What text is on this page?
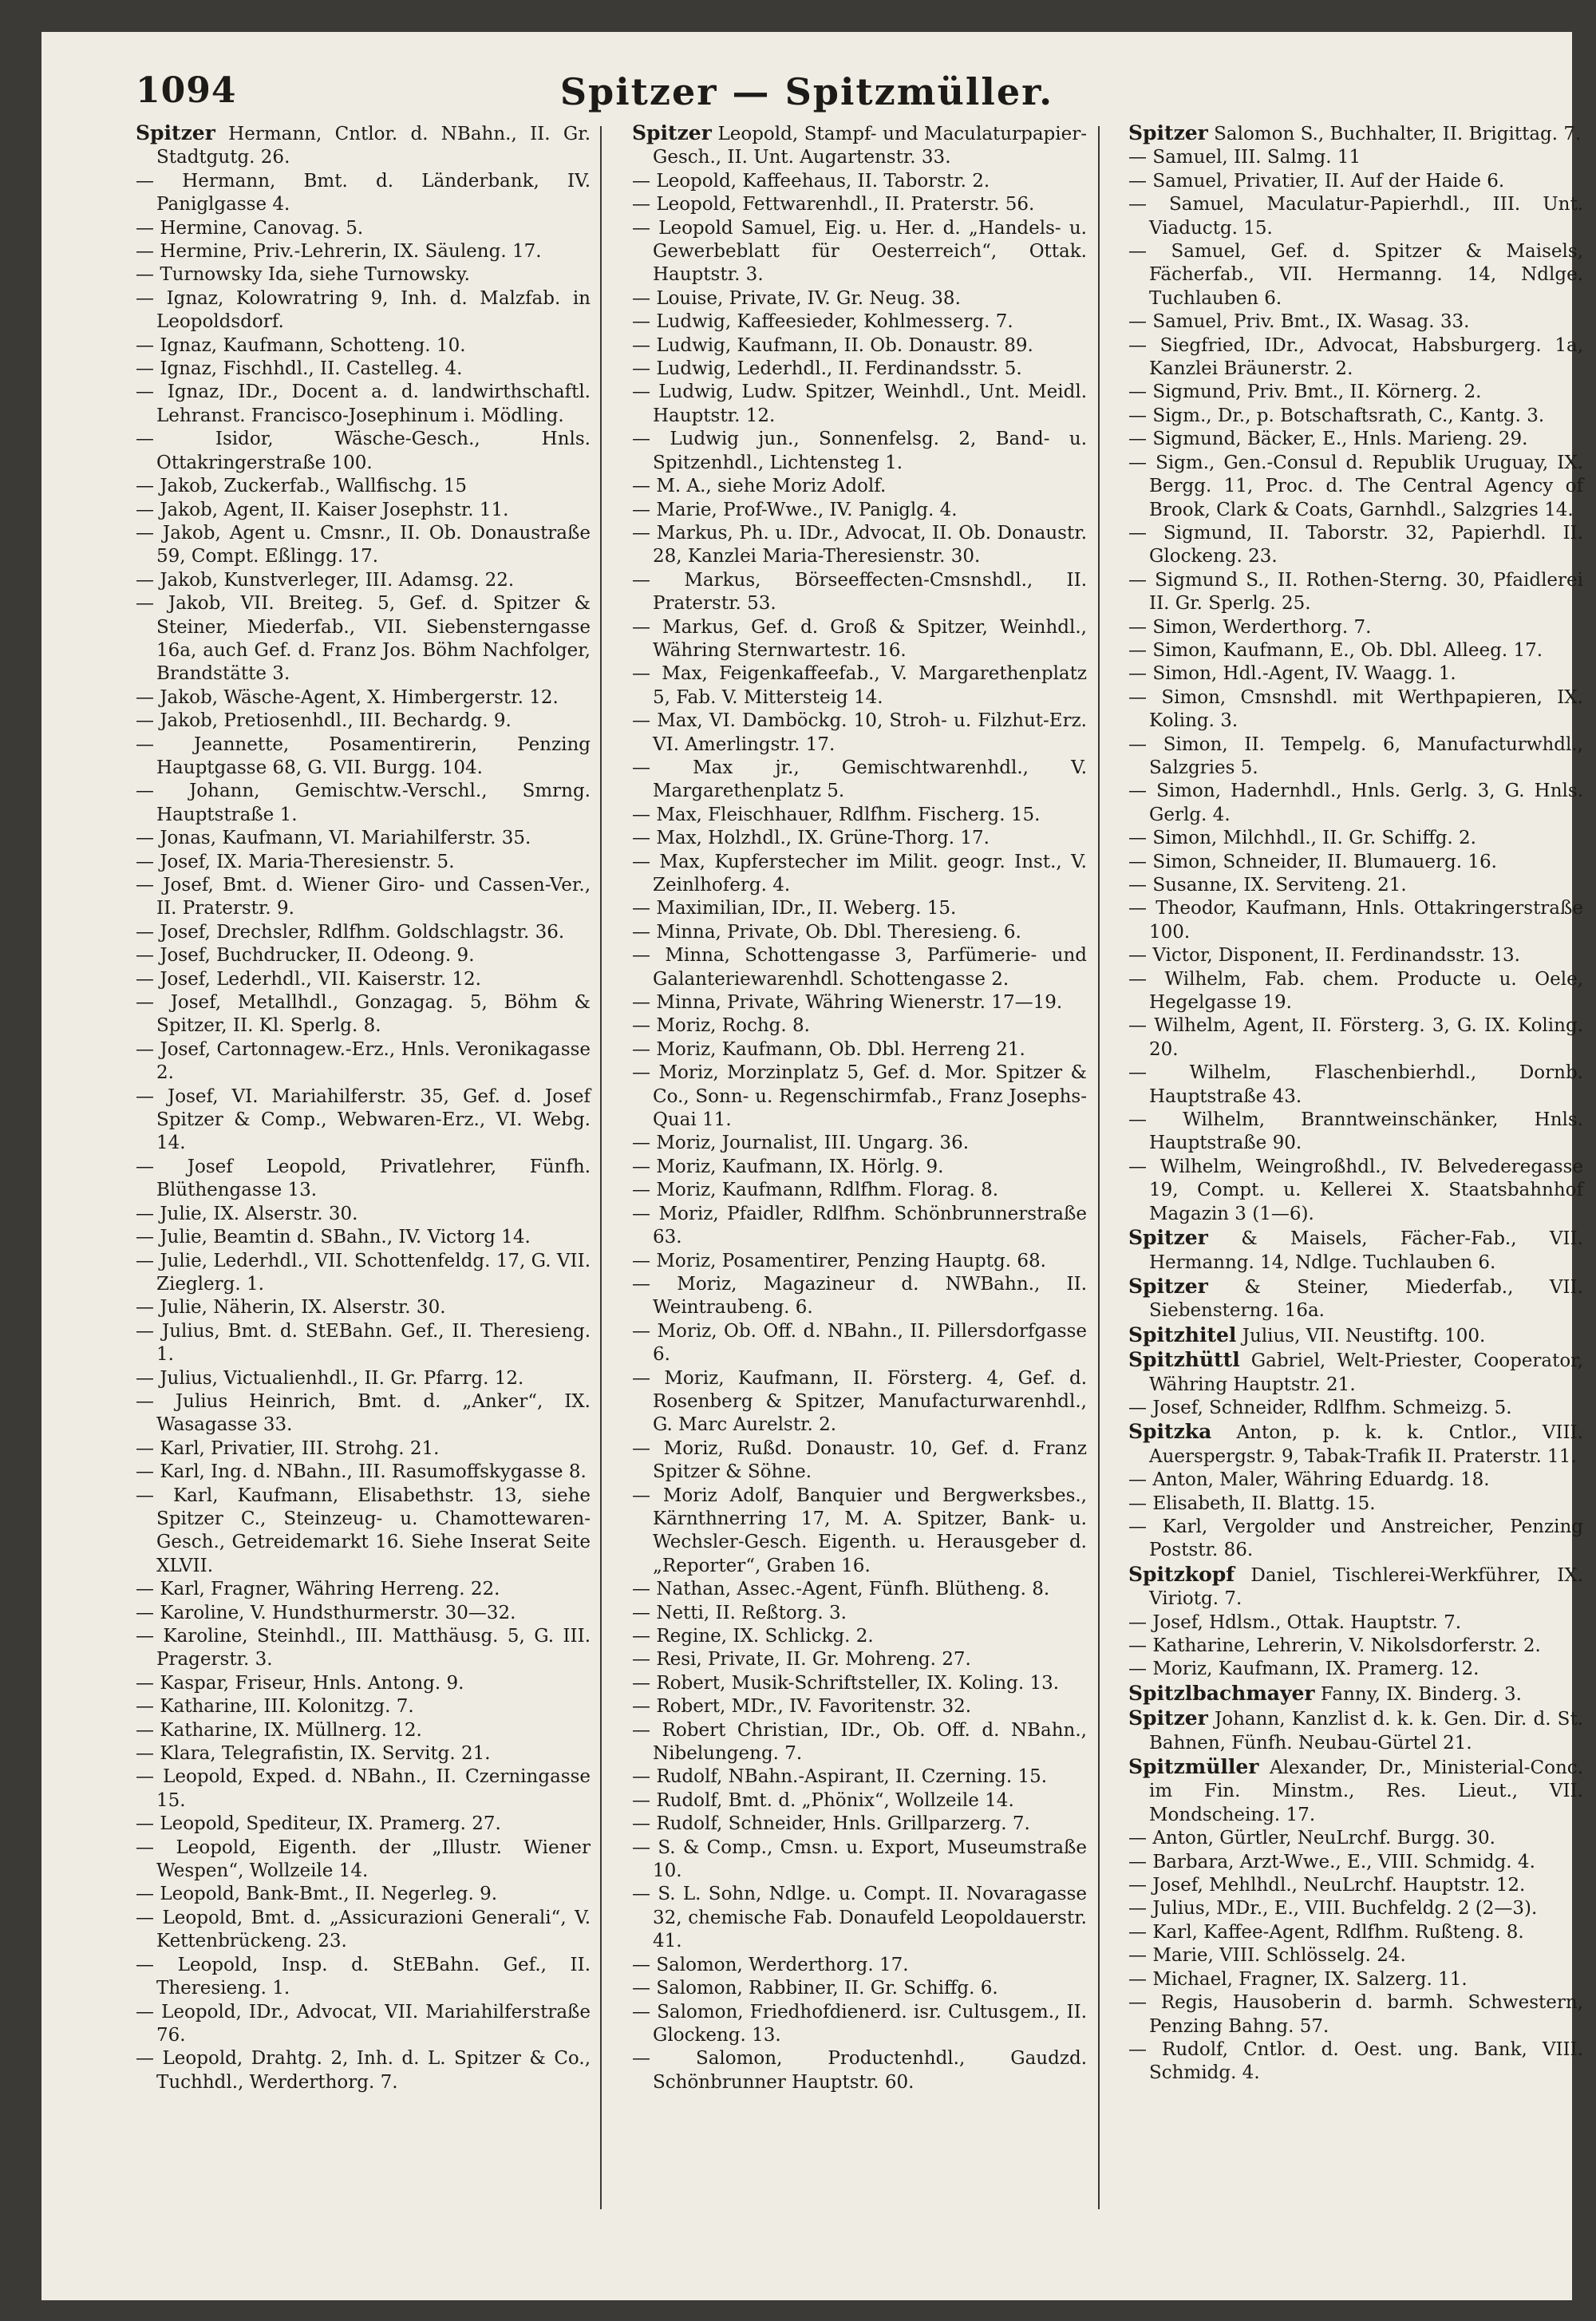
1094	Spitzer — Spitzmüller.
Spitzer Hermann, Cntlor. d. NBahn., II. Gr. Stadtgutg. 26.
— Hermann, Bmt. d. Länderbank, IV. Paniglgasse 4.
— Hermine, Canovag. 5.
— Hermine, Priv.-Lehrerin, IX. Säuleng. 17.
— Turnowsky Ida, siehe Turnowsky.
— Ignaz, Kolowratring 9, Inh. d. Malzfab. in Leopoldsdorf.
— Ignaz, Kaufmann, Schotteng. 10.
— Ignaz, Fischhdl., II. Castelleg. 4.
— Ignaz, IDr., Docent a. d. landwirthschaftl. Lehranst. Francisco-Josephinum i. Mödling.
— Isidor, Wäsche-Gesch., Hnls. Ottakringerstraße 100.
— Jakob, Zuckerfab., Wallfischg. 15
— Jakob, Agent, II. Kaiser Josephstr. 11.
— Jakob, Agent u. Cmsnr., II. Ob. Donaustraße 59, Compt. Eßlingg. 17.
— Jakob, Kunstverleger, III. Adamsg. 22.
— Jakob, VII. Breiteg. 5, Gef. d. Spitzer & Steiner, Miederfab., VII. Siebensterngasse 16a, auch Gef. d. Franz Jos. Böhm Nachfolger, Brandstätte 3.
— Jakob, Wäsche-Agent, X. Himbergerstr. 12.
— Jakob, Pretiosenhdl., III. Bechardg. 9.
— Jeannette, Posamentirerin, Penzing Hauptgasse 68, G. VII. Burgg. 104.
— Johann, Gemischtw.-Verschl., Smrng. Hauptstraße 1.
— Jonas, Kaufmann, VI. Mariahilferstr. 35.
— Josef, IX. Maria-Theresienstr. 5.
— Josef, Bmt. d. Wiener Giro- und Cassen-Ver., II. Praterstr. 9.
— Josef, Drechsler, Rdlfhm. Goldschlagstr. 36.
— Josef, Buchdrucker, II. Odeong. 9.
— Josef, Lederhdl., VII. Kaiserstr. 12.
— Josef, Metallhdl., Gonzagag. 5, Böhm & Spitzer, II. Kl. Sperlg. 8.
— Josef, Cartonnagew.-Erz., Hnls. Veronikagasse 2.
— Josef, VI. Mariahilferstr. 35, Gef. d. Josef Spitzer & Comp., Webwaren-Erz., VI. Webg. 14.
— Josef Leopold, Privatlehrer, Fünfh. Blüthengasse 13.
— Julie, IX. Alserstr. 30.
— Julie, Beamtin d. SBahn., IV. Victorg 14.
— Julie, Lederhdl., VII. Schottenfeldg. 17, G. VII. Zieglerg. 1.
— Julie, Näherin, IX. Alserstr. 30.
— Julius, Bmt. d. StEBahn. Gef., II. Theresieng. 1.
— Julius, Victualienhdl., II. Gr. Pfarrg. 12.
— Julius Heinrich, Bmt. d. „Anker“, IX. Wasagasse 33.
— Karl, Privatier, III. Strohg. 21.
— Karl, Ing. d. NBahn., III. Rasumoffskygasse 8.
— Karl, Kaufmann, Elisabethstr. 13, siehe Spitzer C., Steinzeug- u. Chamottewaren-Gesch., Getreidemarkt 16. Siehe Inserat Seite XLVII.
— Karl, Fragner, Währing Herreng. 22.
— Karoline, V. Hundsthurmerstr. 30—32.
— Karoline, Steinhdl., III. Matthäusg. 5, G. III. Pragerstr. 3.
— Kaspar, Friseur, Hnls. Antong. 9.
— Katharine, III. Kolonitzg. 7.
— Katharine, IX. Müllnerg. 12.
— Klara, Telegrafistin, IX. Servitg. 21.
— Leopold, Exped. d. NBahn., II. Czerningasse 15.
— Leopold, Spediteur, IX. Pramerg. 27.
— Leopold, Eigenth. der „Illustr. Wiener Wespen“, Wollzeile 14.
— Leopold, Bank-Bmt., II. Negerleg. 9.
— Leopold, Bmt. d. „Assicurazioni Generali“, V. Kettenbrückeng. 23.
— Leopold, Insp. d. StEBahn. Gef., II. Theresieng. 1.
— Leopold, IDr., Advocat, VII. Mariahilferstraße 76.
— Leopold, Drahtg. 2, Inh. d. L. Spitzer & Co., Tuchhdl., Werderthorg. 7.
Spitzer Leopold, Stampf- und Maculaturpapier-Gesch., II. Unt. Augartenstr. 33.
— Leopold, Kaffeehaus, II. Taborstr. 2.
— Leopold, Fettwarenhdl., II. Praterstr. 56.
— Leopold Samuel, Eig. u. Her. d. „Handels- u. Gewerbeblatt für Oesterreich“, Ottak. Hauptstr. 3.
— Louise, Private, IV. Gr. Neug. 38.
— Ludwig, Kaffeesieder, Kohlmesserg. 7.
— Ludwig, Kaufmann, II. Ob. Donaustr. 89.
— Ludwig, Lederhdl., II. Ferdinandsstr. 5.
— Ludwig, Ludw. Spitzer, Weinhdl., Unt. Meidl. Hauptstr. 12.
— Ludwig jun., Sonnenfelsg. 2, Band- u. Spitzenhdl., Lichtensteg 1.
— M. A., siehe Moriz Adolf.
— Marie, Prof-Wwe., IV. Paniglg. 4.
— Markus, Ph. u. IDr., Advocat, II. Ob. Donaustr. 28, Kanzlei Maria-Theresienstr. 30.
— Markus, Börseeffecten-Cmsnshdl., II. Praterstr. 53.
— Markus, Gef. d. Groß & Spitzer, Weinhdl., Währing Sternwartestr. 16.
— Max, Feigenkaffeefab., V. Margarethenplatz 5, Fab. V. Mittersteig 14.
— Max, VI. Damböckg. 10, Stroh- u. Filzhut-Erz. VI. Amerlingstr. 17.
— Max jr., Gemischtwarenhdl., V. Margarethenplatz 5.
— Max, Fleischhauer, Rdlfhm. Fischerg. 15.
— Max, Holzhdl., IX. Grüne-Thorg. 17.
— Max, Kupferstecher im Milit. geogr. Inst., V. Zeinlhoferg. 4.
— Maximilian, IDr., II. Weberg. 15.
— Minna, Private, Ob. Dbl. Theresieng. 6.
— Minna, Schottengasse 3, Parfümerie- und Galanteriewarenhdl. Schottengasse 2.
— Minna, Private, Währing Wienerstr. 17—19.
— Moriz, Rochg. 8.
— Moriz, Kaufmann, Ob. Dbl. Herreng 21.
— Moriz, Morzinplatz 5, Gef. d. Mor. Spitzer & Co., Sonn- u. Regenschirmfab., Franz Josephs-Quai 11.
— Moriz, Journalist, III. Ungarg. 36.
— Moriz, Kaufmann, IX. Hörlg. 9.
— Moriz, Kaufmann, Rdlfhm. Florag. 8.
— Moriz, Pfaidler, Rdlfhm. Schönbrunnerstraße 63.
— Moriz, Posamentirer, Penzing Hauptg. 68.
— Moriz, Magazineur d. NWBahn., II. Weintraubeng. 6.
— Moriz, Ob. Off. d. NBahn., II. Pillersdorfgasse 6.
— Moriz, Kaufmann, II. Försterg. 4, Gef. d. Rosenberg & Spitzer, Manufacturwarenhdl., G. Marc Aurelstr. 2.
— Moriz, Rußd. Donaustr. 10, Gef. d. Franz Spitzer & Söhne.
— Moriz Adolf, Banquier und Bergwerksbes., Kärnthnerring 17, M. A. Spitzer, Bank- u. Wechsler-Gesch. Eigenth. u. Herausgeber d. „Reporter“, Graben 16.
— Nathan, Assec.-Agent, Fünfh. Blütheng. 8.
— Netti, II. Reßtorg. 3.
— Regine, IX. Schlickg. 2.
— Resi, Private, II. Gr. Mohreng. 27.
— Robert, Musik-Schriftsteller, IX. Koling. 13.
— Robert, MDr., IV. Favoritenstr. 32.
— Robert Christian, IDr., Ob. Off. d. NBahn., Nibelungeng. 7.
— Rudolf, NBahn.-Aspirant, II. Czerning. 15.
— Rudolf, Bmt. d. „Phönix“, Wollzeile 14.
— Rudolf, Schneider, Hnls. Grillparzerg. 7.
— S. & Comp., Cmsn. u. Export, Museumstraße 10.
— S. L. Sohn, Ndlge. u. Compt. II. Novaragasse 32, chemische Fab. Donaufeld Leopoldauerstr. 41.
— Salomon, Werderthorg. 17.
— Salomon, Rabbiner, II. Gr. Schiffg. 6.
— Salomon, Friedhofdienerd. isr. Cultusgem., II. Glockeng. 13.
— Salomon, Productenhdl., Gaudzd. Schönbrunner Hauptstr. 60.
Spitzer Salomon S., Buchhalter, II. Brigittag. 7.
— Samuel, III. Salmg. 11
— Samuel, Privatier, II. Auf der Haide 6.
— Samuel, Maculatur-Papierhdl., III. Unt. Viaductg. 15.
— Samuel, Gef. d. Spitzer & Maisels, Fächerfab., VII. Hermanng. 14, Ndlge. Tuchlauben 6.
— Samuel, Priv. Bmt., IX. Wasag. 33.
— Siegfried, IDr., Advocat, Habsburgerg. 1a, Kanzlei Bräunerstr. 2.
— Sigmund, Priv. Bmt., II. Körnerg. 2.
— Sigm., Dr., p. Botschaftsrath, C., Kantg. 3.
— Sigmund, Bäcker, E., Hnls. Marieng. 29.
— Sigm., Gen.-Consul d. Republik Uruguay, IX. Bergg. 11, Proc. d. The Central Agency of Brook, Clark & Coats, Garnhdl., Salzgries 14.
— Sigmund, II. Taborstr. 32, Papierhdl. II. Glockeng. 23.
— Sigmund S., II. Rothen-Sterng. 30, Pfaidlerei II. Gr. Sperlg. 25.
— Simon, Werderthorg. 7.
— Simon, Kaufmann, E., Ob. Dbl. Alleeg. 17.
— Simon, Hdl.-Agent, IV. Waagg. 1.
— Simon, Cmsnshdl. mit Werthpapieren, IX. Koling. 3.
— Simon, II. Tempelg. 6, Manufacturwhdl., Salzgries 5.
— Simon, Hadernhdl., Hnls. Gerlg. 3, G. Hnls. Gerlg. 4.
— Simon, Milchhdl., II. Gr. Schiffg. 2.
— Simon, Schneider, II. Blumauerg. 16.
— Susanne, IX. Servitеng. 21.
— Theodor, Kaufmann, Hnls. Ottakringerstraße 100.
— Victor, Disponent, II. Ferdinandsstr. 13.
— Wilhelm, Fab. chem. Producte u. Oele, Hegelgasse 19.
— Wilhelm, Agent, II. Försterg. 3, G. IX. Koling. 20.
— Wilhelm, Flaschenbierhdl., Dornb. Hauptstraße 43.
— Wilhelm, Branntweinschänker, Hnls. Hauptstraße 90.
— Wilhelm, Weingroßhdl., IV. Belvederegasse 19, Compt. u. Kellerei X. Staatsbahnhof Magazin 3 (1—6).
Spitzer & Maisels, Fächer-Fab., VII. Hermanng. 14, Ndlge. Tuchlauben 6.
Spitzer & Steiner, Miederfab., VII. Siebensterng. 16a.
Spitzhitel Julius, VII. Neustiftg. 100.
Spitzhüttl Gabriel, Welt-Priester, Cooperator, Währing Hauptstr. 21.
— Josef, Schneider, Rdlfhm. Schmeizg. 5.
Spitzka Anton, p. k. k. Cntlor., VIII. Auerspergstr. 9, Tabak-Trafik II. Praterstr. 11.
— Anton, Maler, Währing Eduardg. 18.
— Elisabeth, II. Blattg. 15.
— Karl, Vergolder und Anstreicher, Penzing Poststr. 86.
Spitzkopf Daniel, Tischlerei-Werkführer, IX. Viriotg. 7.
— Josef, Hdlsm., Ottak. Hauptstr. 7.
— Katharine, Lehrerin, V. Nikolsdorferstr. 2.
— Moriz, Kaufmann, IX. Pramerg. 12.
Spitzlbachmayer Fanny, IX. Binderg. 3.
Spitzer Johann, Kanzlist d. k. k. Gen. Dir. d. St. Bahnen, Fünfh. Neubau-Gürtel 21.
Spitzmüller Alexander, Dr., Ministerial-Conc. im Fin. Minstm., Res. Lieut., VII. Mondscheing. 17.
— Anton, Gürtler, NeuLrchf. Burgg. 30.
— Barbara, Arzt-Wwe., E., VIII. Schmidg. 4.
— Josef, Mehlhdl., NeuLrchf. Hauptstr. 12.
— Julius, MDr., E., VIII. Buchfeldg. 2 (2—3).
— Karl, Kaffee-Agent, Rdlfhm. Rußteng. 8.
— Marie, VIII. Schlösselg. 24.
— Michael, Fragner, IX. Salzerg. 11.
— Regis, Hausoberin d. barmh. Schwestern, Penzing Bahng. 57.
— Rudolf, Cntlor. d. Oest. ung. Bank, VIII. Schmidg. 4.
